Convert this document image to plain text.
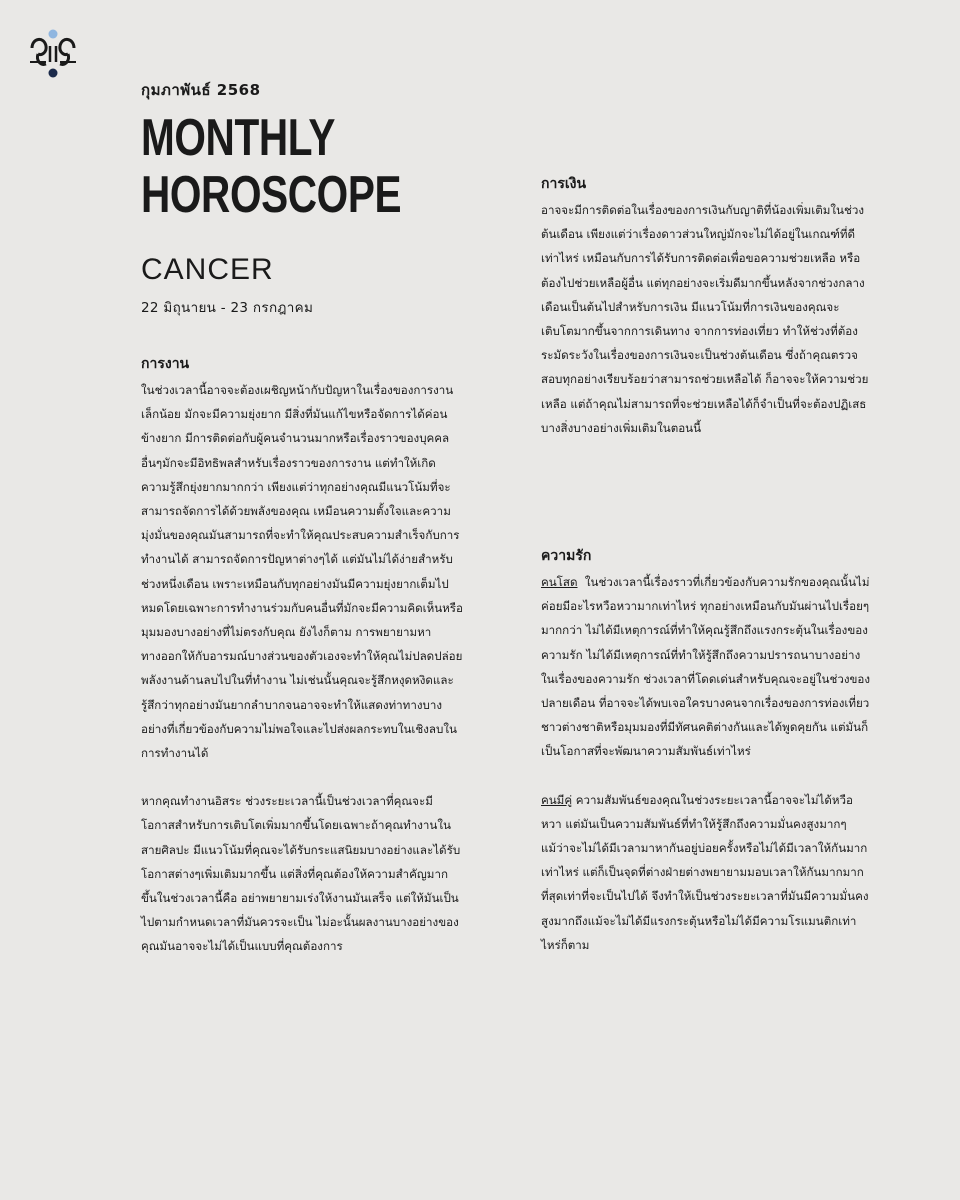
กุมภาพันธ์ 2568
MONTHLY
HOROSCOPE
CANCER
22 มิถุนายน - 23 กรกฎาคม
การงาน

ในช่วงเวลานี้อาจจะต้องเผชิญหน้ากับปัญหาในเรื่องของการงานเล็กน้อย มักจะมีความยุ่งยาก มีสิ่งที่มันแก้ไขหรือจัดการได้ค่อนข้างยาก มีการติดต่อกับผู้คนจำนวนมากหรือเรื่องราวของบุคคลอื่นๆมักจะมีอิทธิพลสำหรับเรื่องราวของการงาน แต่ทำให้เกิดความรู้สึกยุ่งยากมากกว่า เพียงแต่ว่าทุกอย่างคุณมีแนวโน้มที่จะสามารถจัดการได้ด้วยพลังของคุณ เหมือนความตั้งใจและความมุ่งมั่นของคุณมันสามารถที่จะทำให้คุณประสบความสำเร็จกับการทำงานได้ สามารถจัดการปัญหาต่างๆได้ แต่มันไม่ได้ง่ายสำหรับช่วงหนึ่งเดือน เพราะเหมือนกับทุกอย่างมันมีความยุ่งยากเต็มไปหมดโดยเฉพาะการทำงานร่วมกับคนอื่นที่มักจะมีความคิดเห็นหรือมุมมองบางอย่างที่ไม่ตรงกับคุณ ยังไงก็ตาม การพยายามหาทางออกให้กับอารมณ์บางส่วนของตัวเองจะทำให้คุณไม่ปลดปล่อยพลังงานด้านลบไปในที่ทำงาน ไม่เช่นนั้นคุณจะรู้สึกหงุดหงิดและรู้สึกว่าทุกอย่างมันยากลำบากจนอาจจะทำให้แสดงท่าทางบางอย่างที่เกี่ยวข้องกับความไม่พอใจและไปส่งผลกระทบในเชิงลบในการทำงานได้

หากคุณทำงานอิสระ ช่วงระยะเวลานี้เป็นช่วงเวลาที่คุณจะมีโอกาสสำหรับการเติบโตเพิ่มมากขึ้นโดยเฉพาะถ้าคุณทำงานในสายศิลปะ มีแนวโน้มที่คุณจะได้รับกระแสนิยมบางอย่างและได้รับโอกาสต่างๆเพิ่มเติมมากขึ้น แต่สิ่งที่คุณต้องให้ความสำคัญมากขึ้นในช่วงเวลานี้คือ อย่าพยายามเร่งให้งานมันเสร็จ แต่ให้มันเป็นไปตามกำหนดเวลาที่มันควรจะเป็น ไม่อะนั้นผลงานบางอย่างของคุณมันอาจจะไม่ได้เป็นแบบที่คุณต้องการ

การเงิน

อาจจะมีการติดต่อในเรื่องของการเงินกับญาติที่น้องเพิ่มเติมในช่วงต้นเดือน เพียงแต่ว่าเรื่องดาวส่วนใหญ่มักจะไม่ได้อยู่ในเกณฑ์ที่ดีเท่าไหร่ เหมือนกับการได้รับการติดต่อเพื่อขอความช่วยเหลือ หรือต้องไปช่วยเหลือผู้อื่น แต่ทุกอย่างจะเริ่มดีมากขึ้นหลังจากช่วงกลางเดือนเป็นต้นไปสำหรับการเงิน มีแนวโน้มที่การเงินของคุณจะเติบโตมากขึ้นจากการเดินทาง จากการท่องเที่ยว ทำให้ช่วงที่ต้องระมัดระวังในเรื่องของการเงินจะเป็นช่วงต้นเดือน ซึ่งถ้าคุณตรวจสอบทุกอย่างเรียบร้อยว่าสามารถช่วยเหลือได้ ก็อาจจะให้ความช่วยเหลือ แต่ถ้าคุณไม่สามารถที่จะช่วยเหลือได้ก็จำเป็นที่จะต้องปฏิเสธบางสิ่งบางอย่างเพิ่มเติมในตอนนี้

ความรัก

คนโสด ในช่วงเวลานี้เรื่องราวที่เกี่ยวข้องกับความรักของคุณนั้นไม่ค่อยมีอะไรหวือหวามากเท่าไหร่ ทุกอย่างเหมือนกับมันผ่านไปเรื่อยๆมากกว่า ไม่ได้มีเหตุการณ์ที่ทำให้คุณรู้สึกถึงแรงกระตุ้นในเรื่องของความรัก ไม่ได้มีเหตุการณ์ที่ทำให้รู้สึกถึงความปรารถนาบางอย่างในเรื่องของความรัก ช่วงเวลาที่โดดเด่นสำหรับคุณจะอยู่ในช่วงของปลายเดือน ที่อาจจะได้พบเจอใครบางคนจากเรื่องของการท่องเที่ยว ชาวต่างชาติหรือมุมมองที่มีทัศนคติต่างกันและได้พูดคุยกัน แต่มันก็เป็นโอกาสที่จะพัฒนาความสัมพันธ์เท่าไหร่

คนมีคู่ ความสัมพันธ์ของคุณในช่วงระยะเวลานี้อาจจะไม่ได้หวือหวา แต่มันเป็นความสัมพันธ์ที่ทำให้รู้สึกถึงความมั่นคงสูงมากๆ แม้ว่าจะไม่ได้มีเวลามาหากันอยู่บ่อยครั้งหรือไม่ได้มีเวลาให้กันมากเท่าไหร่ แต่ก็เป็นจุดที่ต่างฝ่ายต่างพยายามมอบเวลาให้กันมากมากที่สุดเท่าที่จะเป็นไปได้ จึงทำให้เป็นช่วงระยะเวลาที่มันมีความมั่นคงสูงมากถึงแม้จะไม่ได้มีแรงกระตุ้นหรือไม่ได้มีความโรแมนติกเท่าไหร่ก็ตาม
